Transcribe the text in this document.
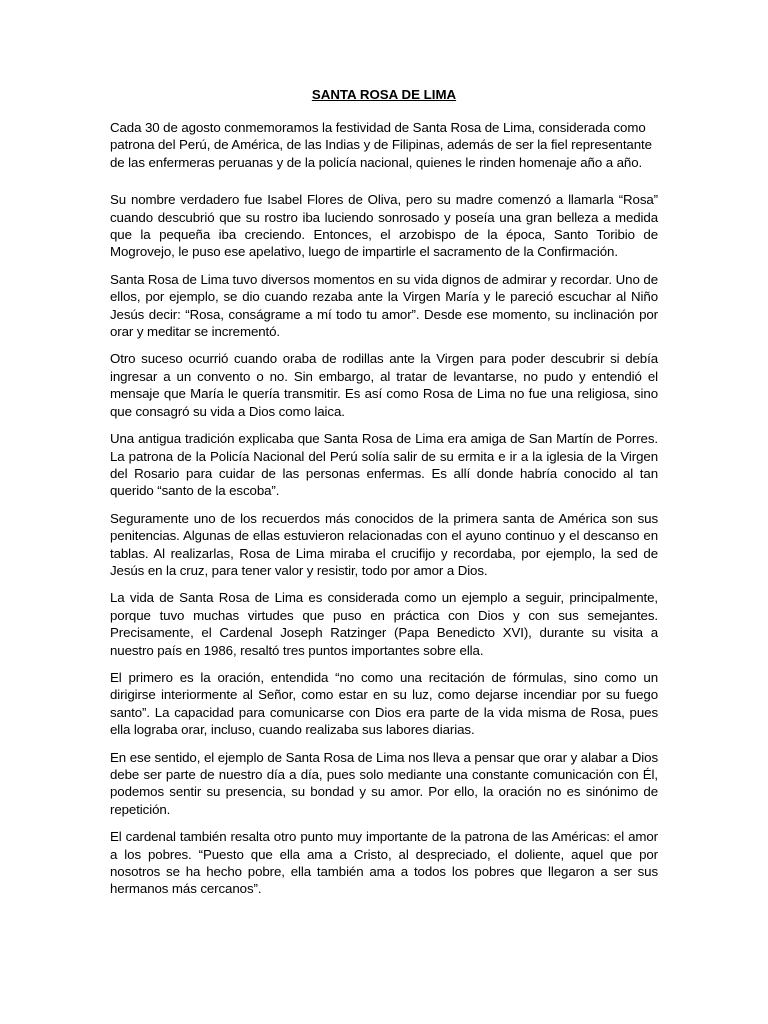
SANTA ROSA DE LIMA

Cada 30 de agosto conmemoramos la festividad de Santa Rosa de Lima, considerada como patrona del Perú, de América, de las Indias y de Filipinas, además de ser la fiel representante de las enfermeras peruanas y de la policía nacional, quienes le rinden homenaje año a año.

Su nombre verdadero fue Isabel Flores de Oliva, pero su madre comenzó a llamarla “Rosa” cuando descubrió que su rostro iba luciendo sonrosado y poseía una gran belleza a medida que la pequeña iba creciendo. Entonces, el arzobispo de la época, Santo Toribio de Mogrovejo, le puso ese apelativo, luego de impartirle el sacramento de la Confirmación.

Santa Rosa de Lima tuvo diversos momentos en su vida dignos de admirar y recordar. Uno de ellos, por ejemplo, se dio cuando rezaba ante la Virgen María y le pareció escuchar al Niño Jesús decir: “Rosa, conságrame a mí todo tu amor”. Desde ese momento, su inclinación por orar y meditar se incrementó.

Otro suceso ocurrió cuando oraba de rodillas ante la Virgen para poder descubrir si debía ingresar a un convento o no. Sin embargo, al tratar de levantarse, no pudo y entendió el mensaje que María le quería transmitir. Es así como Rosa de Lima no fue una religiosa, sino que consagró su vida a Dios como laica.

Una antigua tradición explicaba que Santa Rosa de Lima era amiga de San Martín de Porres. La patrona de la Policía Nacional del Perú solía salir de su ermita e ir a la iglesia de la Virgen del Rosario para cuidar de las personas enfermas. Es allí donde habría conocido al tan querido “santo de la escoba”.

Seguramente uno de los recuerdos más conocidos de la primera santa de América son sus penitencias. Algunas de ellas estuvieron relacionadas con el ayuno continuo y el descanso en tablas. Al realizarlas, Rosa de Lima miraba el crucifijo y recordaba, por ejemplo, la sed de Jesús en la cruz, para tener valor y resistir, todo por amor a Dios.

La vida de Santa Rosa de Lima es considerada como un ejemplo a seguir, principalmente, porque tuvo muchas virtudes que puso en práctica con Dios y con sus semejantes. Precisamente, el Cardenal Joseph Ratzinger (Papa Benedicto XVI), durante su visita a nuestro país en 1986, resaltó tres puntos importantes sobre ella.

El primero es la oración, entendida “no como una recitación de fórmulas, sino como un dirigirse interiormente al Señor, como estar en su luz, como dejarse incendiar por su fuego santo”. La capacidad para comunicarse con Dios era parte de la vida misma de Rosa, pues ella lograba orar, incluso, cuando realizaba sus labores diarias.

En ese sentido, el ejemplo de Santa Rosa de Lima nos lleva a pensar que orar y alabar a Dios debe ser parte de nuestro día a día, pues solo mediante una constante comunicación con Él, podemos sentir su presencia, su bondad y su amor. Por ello, la oración no es sinónimo de repetición.

El cardenal también resalta otro punto muy importante de la patrona de las Américas: el amor a los pobres. “Puesto que ella ama a Cristo, al despreciado, el doliente, aquel que por nosotros se ha hecho pobre, ella también ama a todos los pobres que llegaron a ser sus hermanos más cercanos”.
